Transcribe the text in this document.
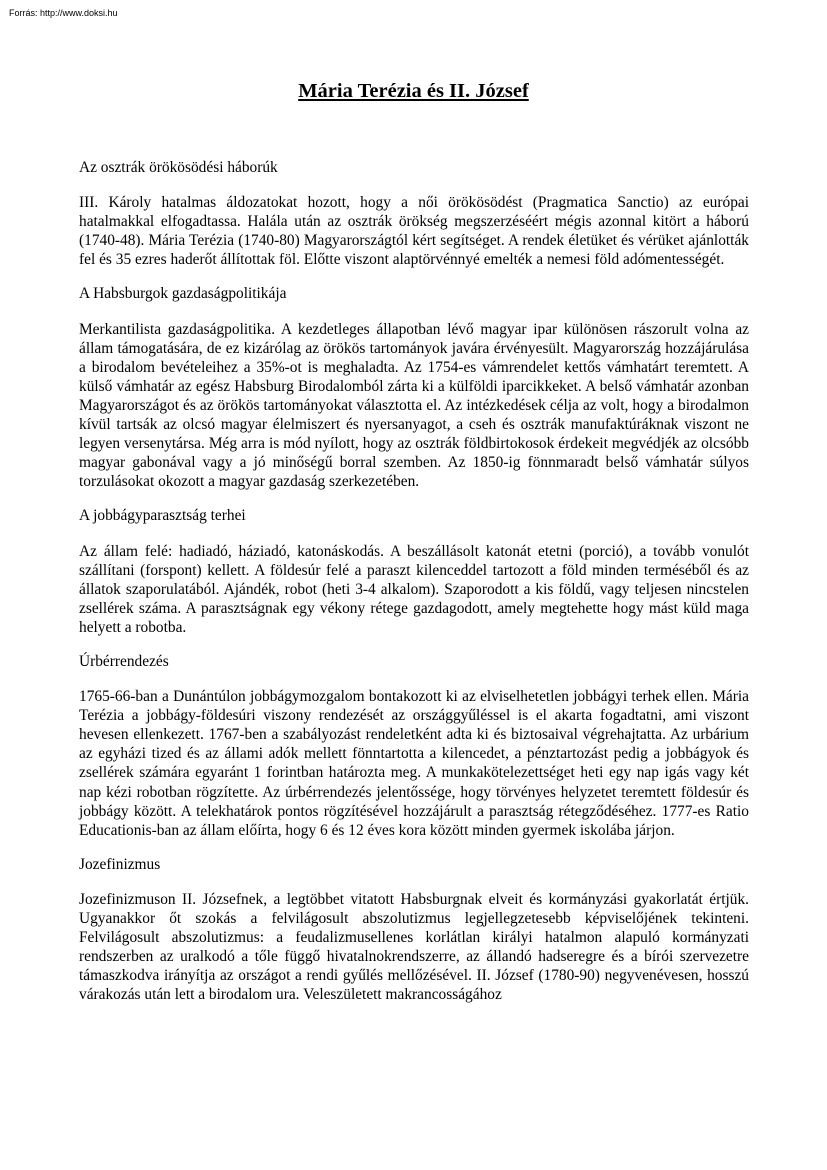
Forrás: http://www.doksi.hu
Mária Terézia és II. József
Az osztrák örökösödési háborúk
III. Károly hatalmas áldozatokat hozott, hogy a női örökösödést (Pragmatica Sanctio) az európai hatalmakkal elfogadtassa. Halála után az osztrák örökség megszerzéséért mégis azonnal kitört a háború (1740-48). Mária Terézia (1740-80) Magyarországtól kért segítséget. A rendek életüket és vérüket ajánlották fel és 35 ezres haderőt állítottak föl. Előtte viszont alaptörvénnyé emelték a nemesi föld adómentességét.
A Habsburgok gazdaságpolitikája
Merkantilista gazdaságpolitika. A kezdetleges állapotban lévő magyar ipar különösen rászorult volna az állam támogatására, de ez kizárólag az örökös tartományok javára érvényesült. Magyarország hozzájárulása a birodalom bevételeihez a 35%-ot is meghaladta. Az 1754-es vámrendelet kettős vámhatárt teremtett. A külső vámhatár az egész Habsburg Birodalomból zárta ki a külföldi iparcikkeket. A belső vámhatár azonban Magyarországot és az örökös tartományokat választotta el. Az intézkedések célja az volt, hogy a birodalmon kívül tartsák az olcsó magyar élelmiszert és nyersanyagot, a cseh és osztrák manufaktúráknak viszont ne legyen versenytársa. Még arra is mód nyílott, hogy az osztrák földbirtokosok érdekeit megvédjék az olcsóbb magyar gabonával vagy a jó minőségű borral szemben. Az 1850-ig fönnmaradt belső vámhatár súlyos torzulásokat okozott a magyar gazdaság szerkezetében.
A jobbágyparasztság terhei
Az állam felé: hadiadó, háziadó, katonáskodás. A beszállásolt katonát etetni (porció), a tovább vonulót szállítani (forspont) kellett. A földesúr felé a paraszt kilenceddel tartozott a föld minden terméséből és az állatok szaporulatából. Ajándék, robot (heti 3-4 alkalom). Szaporodott a kis földű, vagy teljesen nincstelen zsellérek száma. A parasztságnak egy vékony rétege gazdagodott, amely megtehette hogy mást küld maga helyett a robotba.
Úrbérrendezés
1765-66-ban a Dunántúlon jobbágymozgalom bontakozott ki az elviselhetetlen jobbágyi terhek ellen. Mária Terézia a jobbágy-földesúri viszony rendezését az országgyűléssel is el akarta fogadtatni, ami viszont hevesen ellenkezett. 1767-ben a szabályozást rendeletként adta ki és biztosaival végrehajtatta. Az urbárium az egyházi tized és az állami adók mellett fönntartotta a kilencedet, a pénztartozást pedig a jobbágyok és zsellérek számára egyaránt 1 forintban határozta meg. A munkakötelezettséget heti egy nap igás vagy két nap kézi robotban rögzítette. Az úrbérrendezés jelentőssége, hogy törvényes helyzetet teremtett földesúr és jobbágy között. A telekhatárok pontos rögzítésével hozzájárult a parasztság rétegződéséhez. 1777-es Ratio Educationis-ban az állam előírta, hogy 6 és 12 éves kora között minden gyermek iskolába járjon.
Jozefinizmus
Jozefinizmuson II. Józsefnek, a legtöbbet vitatott Habsburgnak elveit és kormányzási gyakorlatát értjük. Ugyanakkor őt szokás a felvilágosult abszolutizmus legjellegzetesebb képviselőjének tekinteni. Felvilágosult abszolutizmus: a feudalizmusellenes korlátlan királyi hatalmon alapuló kormányzati rendszerben az uralkodó a tőle függő hivatalnokrendszerre, az állandó hadseregre és a bírói szervezetre támaszkodva irányítja az országot a rendi gyűlés mellőzésével. II. József (1780-90) negyvenévesen, hosszú várakozás után lett a birodalom ura. Veleszületett makrancosságához
